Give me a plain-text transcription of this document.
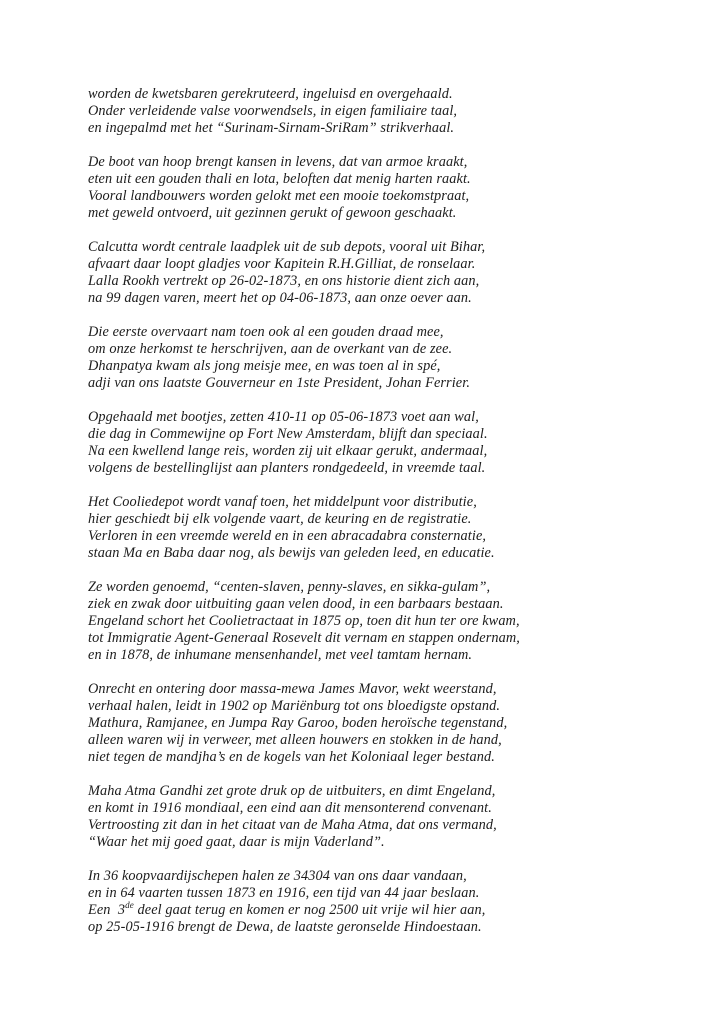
worden de kwetsbaren gerekruteerd, ingeluisd en overgehaald.

Onder verleidende valse voorwendsels, in eigen familiaire taal,

en ingepalmd met het “Surinam-Sirnam-SriRam” strikverhaal.

De boot van hoop brengt kansen in levens, dat van armoe kraakt,

eten uit een gouden thali en lota, beloften dat menig harten raakt.

Vooral landbouwers worden gelokt met een mooie toekomstpraat,

met geweld ontvoerd, uit gezinnen gerukt of gewoon geschaakt.

Calcutta wordt centrale laadplek uit de sub depots, vooral uit Bihar,

afvaart daar loopt gladjes voor Kapitein R.H.Gilliat, de ronselaar.

Lalla Rookh vertrekt op 26-02-1873, en ons historie dient zich aan,

na 99 dagen varen, meert het op 04-06-1873, aan onze oever aan.

Die eerste overvaart nam toen ook al een gouden draad mee,

om onze herkomst te herschrijven, aan de overkant van de zee.

Dhanpatya kwam als jong meisje mee, en was toen al in spé,

adji van ons laatste Gouverneur en 1ste President, Johan Ferrier.

Opgehaald met bootjes, zetten 410-11 op 05-06-1873 voet aan wal,

die dag in Commewijne op Fort New Amsterdam, blijft dan speciaal.

Na een kwellend lange reis, worden zij uit elkaar gerukt, andermaal,

volgens de bestellinglijst aan planters rondgedeeld, in vreemde taal.

Het Cooliedepot wordt vanaf toen, het middelpunt voor distributie,

hier geschiedt bij elk volgende vaart, de keuring en de registratie.

Verloren in een vreemde wereld en in een abracadabra consternatie,

staan Ma en Baba daar nog, als bewijs van geleden leed, en educatie.

Ze worden genoemd, “centen-slaven, penny-slaves, en sikka-gulam”,

ziek en zwak door uitbuiting gaan velen dood, in een barbaars bestaan.

Engeland schort het Coolietractaat in 1875 op, toen dit hun ter ore kwam,

tot Immigratie Agent-Generaal Rosevelt dit vernam en stappen ondernam,

en in 1878, de inhumane mensenhandel, met veel tamtam hernam.

Onrecht en ontering door massa-mewa James Mavor, wekt weerstand,

verhaal halen, leidt in 1902 op Mariënburg tot ons bloedigste opstand.

Mathura, Ramjanee, en Jumpa Ray Garoo, boden heroïsche tegenstand,

alleen waren wij in verweer, met alleen houwers en stokken in de hand,

niet tegen de mandjha’s en de kogels van het Koloniaal leger bestand.

Maha Atma Gandhi zet grote druk op de uitbuiters, en dimt Engeland,

en komt in 1916 mondiaal, een eind aan dit mensonterend convenant.

Vertroosting zit dan in het citaat van de Maha Atma, dat ons vermand,

“Waar het mij goed gaat, daar is mijn Vaderland”.

In 36 koopvaardijschepen halen ze 34304 van ons daar vandaan,

en in 64 vaarten tussen 1873 en 1916, een tijd van 44 jaar beslaan.

Een  3de deel gaat terug en komen er nog 2500 uit vrije wil hier aan,

op 25-05-1916 brengt de Dewa, de laatste geronselde Hindoestaan.
